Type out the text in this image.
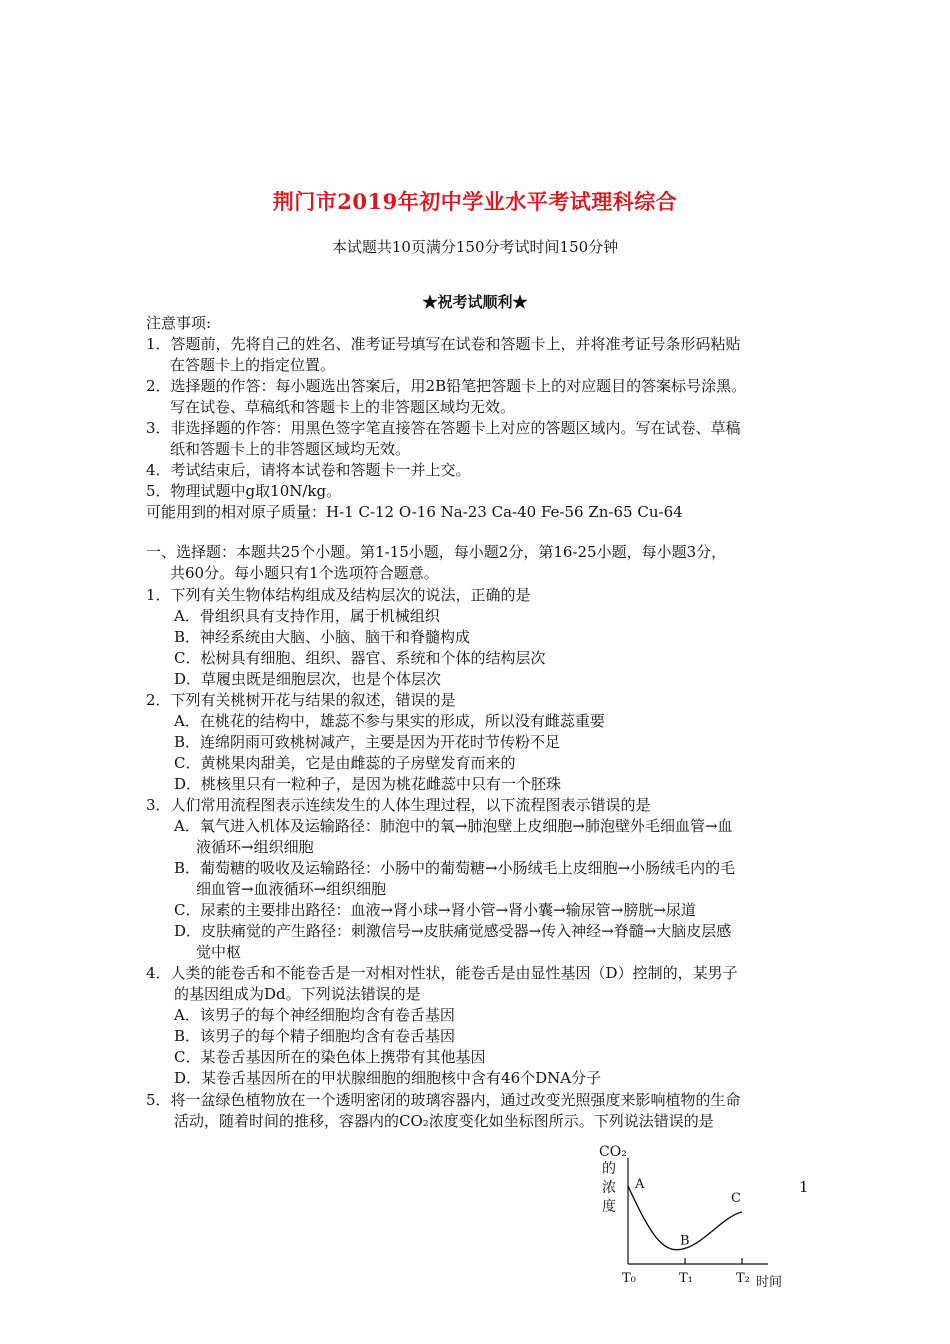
荆门市2019年初中学业水平考试理科综合
本试题共10页满分150分考试时间150分钟
★祝考试顺利★
注意事项:
1．答题前，先将自己的姓名、准考证号填写在试卷和答题卡上，并将准考证号条形码粘贴
在答题卡上的指定位置。
2．选择题的作答：每小题选出答案后，用2B铅笔把答题卡上的对应题目的答案标号涂黑。
写在试卷、草稿纸和答题卡上的非答题区域均无效。
3．非选择题的作答：用黑色签字笔直接答在答题卡上对应的答题区域内。写在试卷、草稿
纸和答题卡上的非答题区域均无效。
4．考试结束后，请将本试卷和答题卡一并上交。
5．物理试题中g取10N/kg。
可能用到的相对原子质量：H-1 C-12 O-16 Na-23 Ca-40 Fe-56 Zn-65 Cu-64
一、选择题：本题共25个小题。第1-15小题，每小题2分，第16-25小题，每小题3分，
共60分。每小题只有1个选项符合题意。
1．下列有关生物体结构组成及结构层次的说法，正确的是
A．骨组织具有支持作用，属于机械组织
B．神经系统由大脑、小脑、脑干和脊髓构成
C．松树具有细胞、组织、器官、系统和个体的结构层次
D．草履虫既是细胞层次，也是个体层次
2．下列有关桃树开花与结果的叙述，错误的是
A．在桃花的结构中，雄蕊不参与果实的形成，所以没有雌蕊重要
B．连绵阴雨可致桃树减产，主要是因为开花时节传粉不足
C．黄桃果肉甜美，它是由雌蕊的子房壁发育而来的
D．桃核里只有一粒种子，是因为桃花雌蕊中只有一个胚珠
3．人们常用流程图表示连续发生的人体生理过程，以下流程图表示错误的是
A．氧气进入机体及运输路径：肺泡中的氧→肺泡壁上皮细胞→肺泡壁外毛细血管→血
液循环→组织细胞
B．葡萄糖的吸收及运输路径：小肠中的葡萄糖→小肠绒毛上皮细胞→小肠绒毛内的毛
细血管→血液循环→组织细胞
C．尿素的主要排出路径：血液→肾小球→肾小管→肾小囊→输尿管→膀胱→尿道
D．皮肤痛觉的产生路径：刺激信号→皮肤痛觉感受器→传入神经→脊髓→大脑皮层感
觉中枢
4．人类的能卷舌和不能卷舌是一对相对性状，能卷舌是由显性基因（D）控制的，某男子
的基因组成为Dd。下列说法错误的是
A．该男子的每个神经细胞均含有卷舌基因
B．该男子的每个精子细胞均含有卷舌基因
C．某卷舌基因所在的染色体上携带有其他基因
D．某卷舌基因所在的甲状腺细胞的细胞核中含有46个DNA分子
5．将一盆绿色植物放在一个透明密闭的玻璃容器内，通过改变光照强度来影响植物的生命
活动，随着时间的推移，容器内的CO₂浓度变化如坐标图所示。下列说法错误的是
CO₂
的
浓
度
A
B
C
T₀	T₁	T₂ 时间
1
